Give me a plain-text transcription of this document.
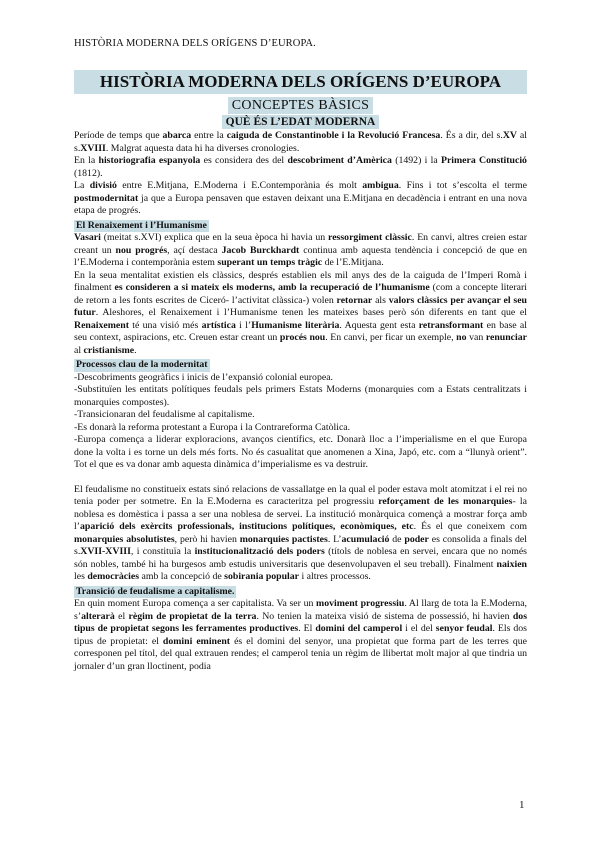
HISTÒRIA MODERNA DELS ORÍGENS D’EUROPA.
HISTÒRIA MODERNA DELS ORÍGENS D’EUROPA
CONCEPTES BÀSICS
QUÈ ÉS L’EDAT MODERNA

Període de temps que abarca entre la caiguda de Constantinoble i la Revolució Francesa. És a dir, del s.XV al s.XVIII. Malgrat aquesta data hi ha diverses cronologies.

En la historiografia espanyola es considera des del descobriment d’Amèrica (1492) i la Primera Constitució (1812).

La divisió entre E.Mitjana, E.Moderna i E.Contemporània és molt ambigua. Fins i tot s’escolta el terme postmodernitat ja que a Europa pensaven que estaven deixant una E.Mitjana en decadència i entrant en una nova etapa de progrés.

El Renaixement i l’Humanisme

Vasari (meitat s.XVI) explica que en la seua època hi havia un ressorgiment clàssic. En canvi, altres creien estar creant un nou progrés, açí destaca Jacob Burckhardt continua amb aquesta tendència i concepció de que en l’E.Moderna i contemporània estem superant un temps tràgic de l’E.Mitjana.

En la seua mentalitat existien els clàssics, després establien els mil anys des de la caiguda de l’Imperi Romà i finalment es consideren a si mateix els moderns, amb la recuperació de l’humanisme (com a concepte literari de retorn a les fonts escrites de Ciceró- l’activitat clàssica-) volen retornar als valors clàssics per avançar el seu futur. Aleshores, el Renaixement i l’Humanisme tenen les mateixes bases però són diferents en tant que el Renaixement té una visió més artística i l’Humanisme literària. Aquesta gent esta retransformant en base al seu context, aspiracions, etc. Creuen estar creant un procés nou. En canvi, per ficar un exemple, no van renunciar al cristianisme.

Processos clau de la modernitat

-Descobriments geogràfics i inicis de l’expansió colonial europea.

-Substituïen les entitats polítiques feudals pels primers Estats Moderns (monarquies com a Estats centralitzats i monarquies compostes).

-Transicionaran del feudalisme al capitalisme.

-Es donarà la reforma protestant a Europa i la Contrareforma Catòlica.

-Europa comença a liderar exploracions, avanços científics, etc. Donarà lloc a l’imperialisme en el que Europa done la volta i es torne un dels més forts. No és casualitat que anomenen a Xina, Japó, etc. com a “llunyà orient”. Tot el que es va donar amb aquesta dinàmica d’imperialisme es va destruir.

El feudalisme no constitueix estats sinó relacions de vassallatge en la qual el poder estava molt atomitzat i el rei no tenia poder per sotmetre. En la E.Moderna es caracteritza pel progressiu reforçament de les monarquies- la noblesa es domèstica i passa a ser una noblesa de servei. La institució monàrquica començà a mostrar força amb l’aparició dels exèrcits professionals, institucions polítiques, econòmiques, etc. És el que coneixem com monarquies absolutistes, però hi havien monarquies pactistes. L’acumulació de poder es consolida a finals del s.XVII-XVIII, i constituïa la institucionalització dels poders (títols de noblesa en servei, encara que no només són nobles, també hi ha burgesos amb estudis universitaris que desenvolupaven el seu treball). Finalment naixien les democràcies amb la concepció de sobirania popular i altres processos.

Transició de feudalisme a capitalisme.

En quin moment Europa comença a ser capitalista. Va ser un moviment progressiu. Al llarg de tota la E.Moderna, s’alterarà el règim de propietat de la terra. No tenien la mateixa visió de sistema de possessió, hi havien dos tipus de propietat segons les ferramentes productives. El domini del camperol i el del senyor feudal. Els dos tipus de propietat: el domini eminent és el domini del senyor, una propietat que forma part de les terres que corresponen pel títol, del qual extrauen rendes; el camperol tenia un règim de llibertat molt major al que tindria un jornaler d’un gran lloctinent, podia

1
